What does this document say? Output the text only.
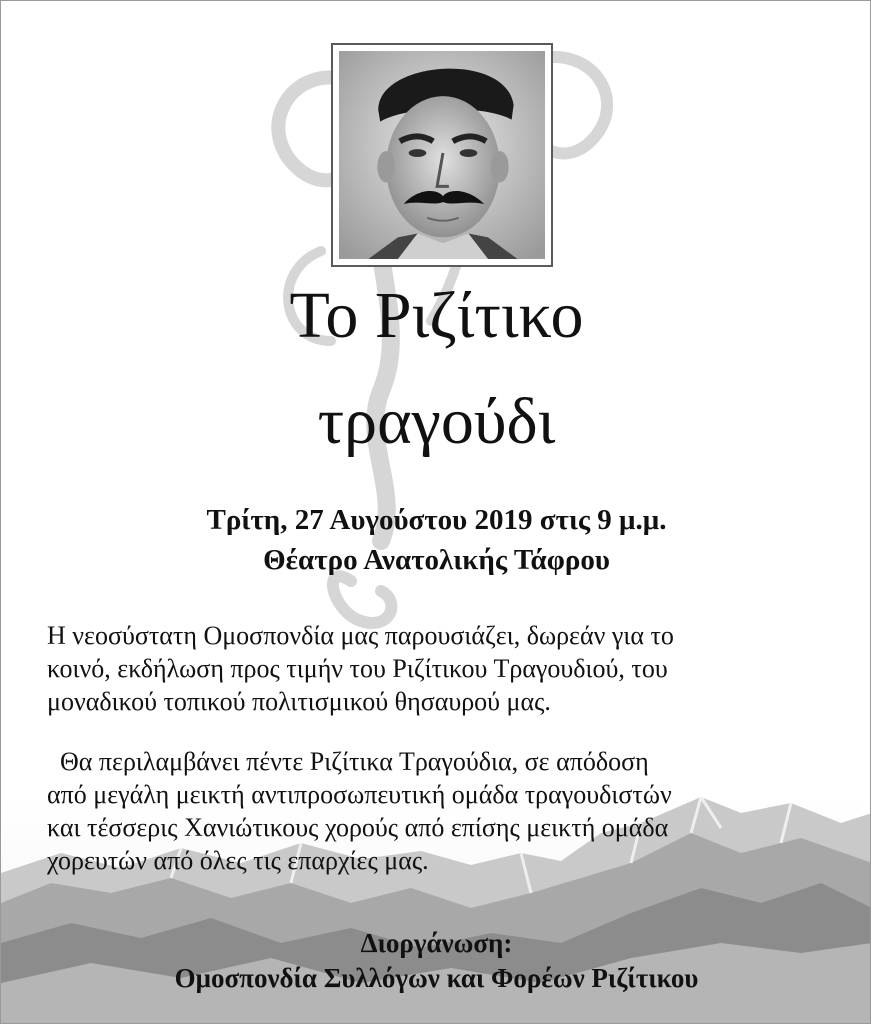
Το Ριζίτικο
τραγούδι
Τρίτη, 27 Αυγούστου 2019 στις 9 μ.μ.
Θέατρο Ανατολικής Τάφρου

Η νεοσύστατη Ομοσπονδία μας παρουσιάζει, δωρεάν για το
κοινό, εκδήλωση προς τιμήν του Ριζίτικου Τραγουδιού, του
μοναδικού τοπικού πολιτισμικού θησαυρού μας.

Θα περιλαμβάνει πέντε Ριζίτικα Τραγούδια, σε απόδοση
από μεγάλη μεικτή αντιπροσωπευτική ομάδα τραγουδιστών
και τέσσερις Χανιώτικους χορούς από επίσης μεικτή ομάδα
χορευτών από όλες τις επαρχίες μας.

Διοργάνωση:
Ομοσπονδία Συλλόγων και Φορέων Ριζίτικου
